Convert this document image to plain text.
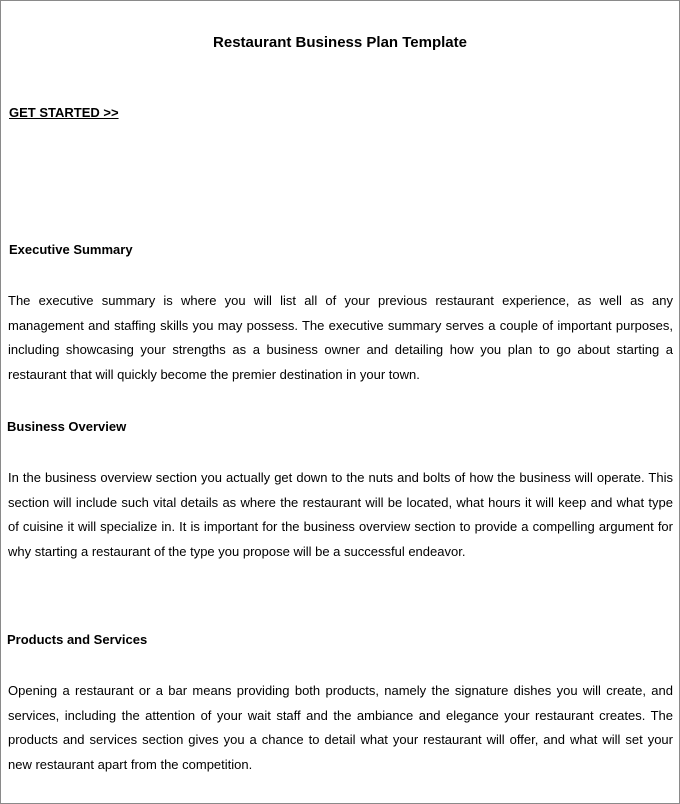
Restaurant Business Plan Template
GET STARTED >>
Executive Summary

The executive summary is where you will list all of your previous restaurant experience, as well as any management and staffing skills you may possess. The executive summary serves a couple of important purposes, including showcasing your strengths as a business owner and detailing how you plan to go about starting a restaurant that will quickly become the premier destination in your town.

Business Overview

In the business overview section you actually get down to the nuts and bolts of how the business will operate. This section will include such vital details as where the restaurant will be located, what hours it will keep and what type of cuisine it will specialize in. It is important for the business overview section to provide a compelling argument for why starting a restaurant of the type you propose will be a successful endeavor.

Products and Services

Opening a restaurant or a bar means providing both products, namely the signature dishes you will create, and services, including the attention of your wait staff and the ambiance and elegance your restaurant creates. The products and services section gives you a chance to detail what your restaurant will offer, and what will set your new restaurant apart from the competition.
